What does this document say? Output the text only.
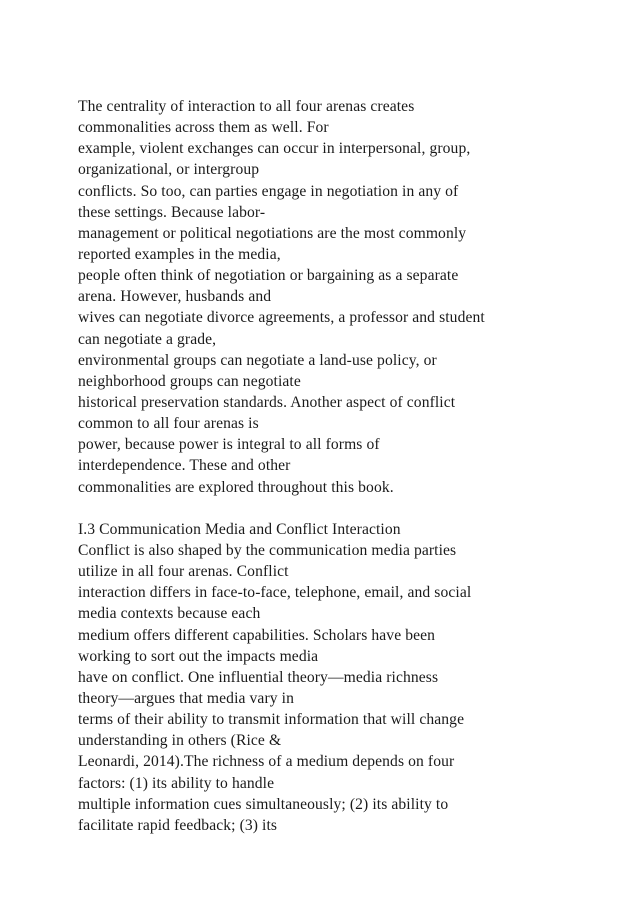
The centrality of interaction to all four arenas creates
commonalities across them as well. For
example, violent exchanges can occur in interpersonal, group,
organizational, or intergroup
conflicts. So too, can parties engage in negotiation in any of
these settings. Because labor-
management or political negotiations are the most commonly
reported examples in the media,
people often think of negotiation or bargaining as a separate
arena. However, husbands and
wives can negotiate divorce agreements, a professor and student
can negotiate a grade,
environmental groups can negotiate a land-use policy, or
neighborhood groups can negotiate
historical preservation standards. Another aspect of conflict
common to all four arenas is
power, because power is integral to all forms of
interdependence. These and other
commonalities are explored throughout this book.
I.3 Communication Media and Conflict Interaction
Conflict is also shaped by the communication media parties
utilize in all four arenas. Conflict
interaction differs in face-to-face, telephone, email, and social
media contexts because each
medium offers different capabilities. Scholars have been
working to sort out the impacts media
have on conflict. One influential theory—media richness
theory—argues that media vary in
terms of their ability to transmit information that will change
understanding in others (Rice &
Leonardi, 2014).The richness of a medium depends on four
factors: (1) its ability to handle
multiple information cues simultaneously; (2) its ability to
facilitate rapid feedback; (3) its
